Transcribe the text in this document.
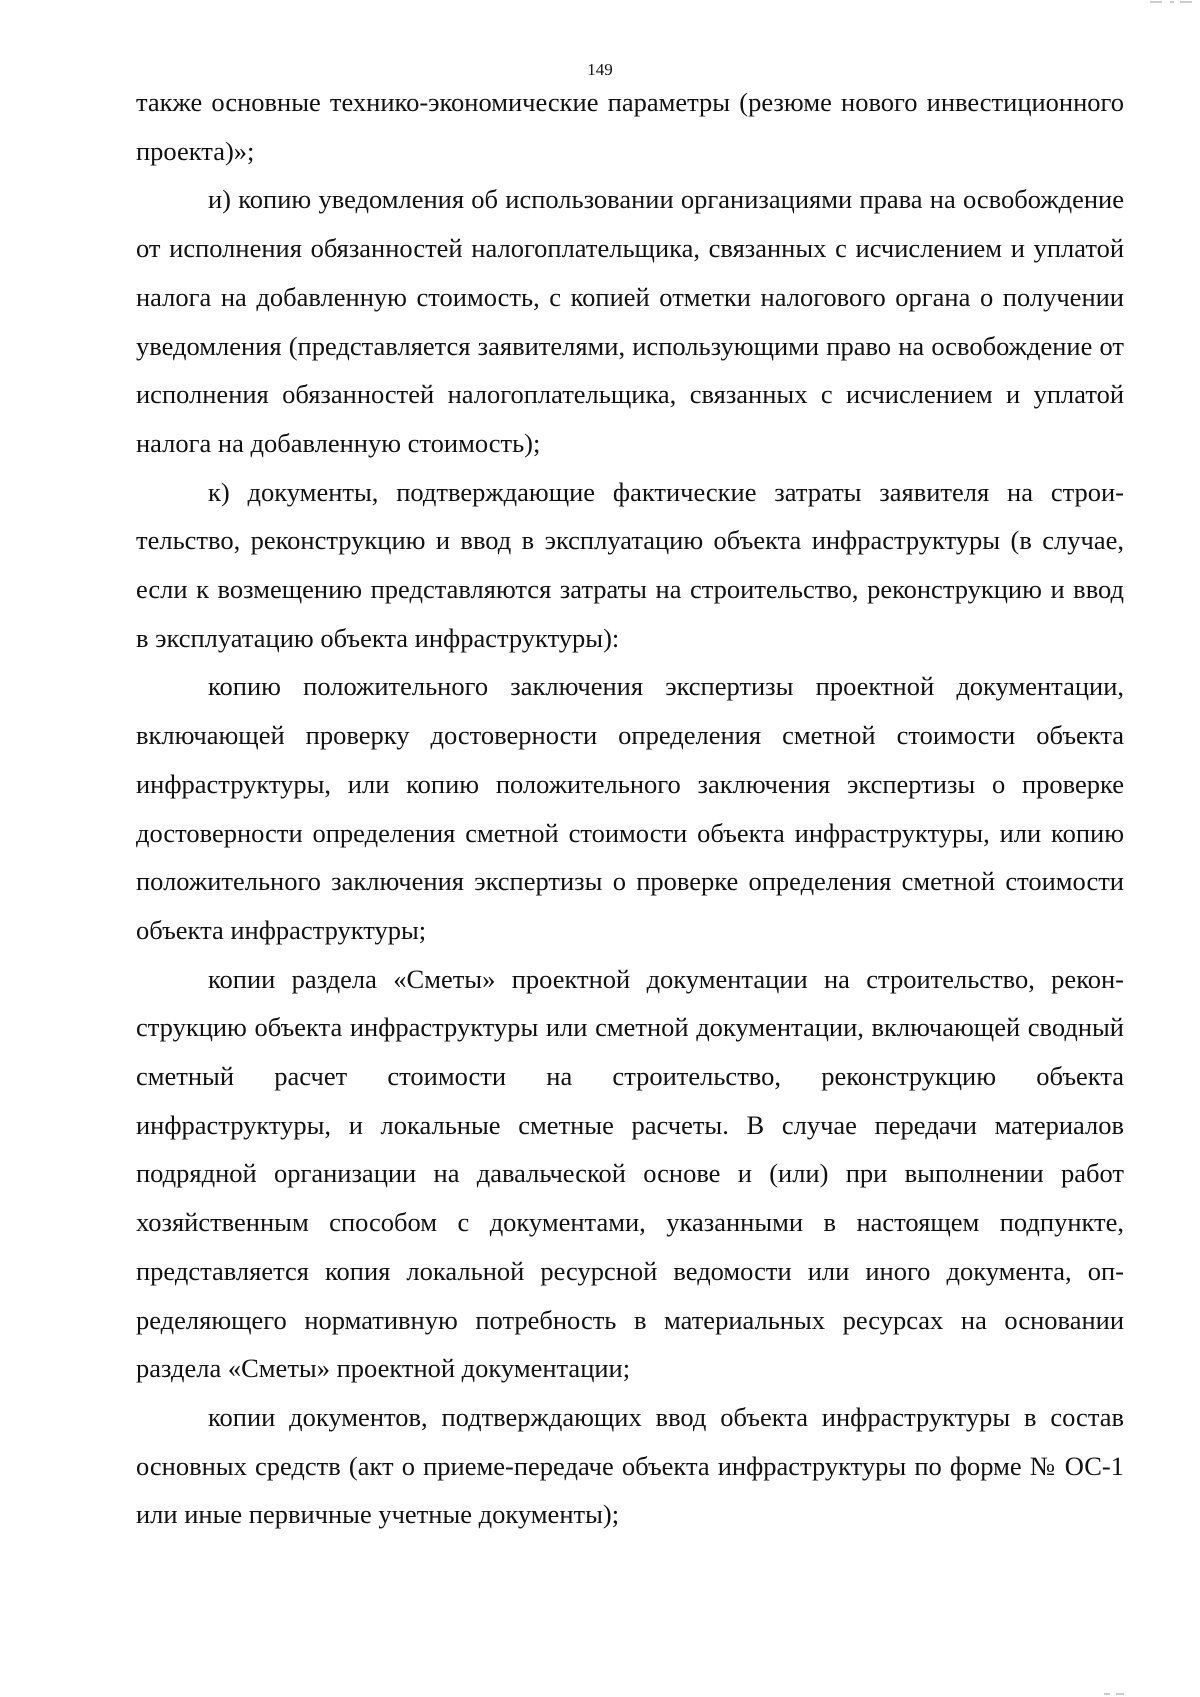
149

также основные технико-экономические параметры (резюме нового инвестиционного проекта)»;

и) копию уведомления об использовании организациями права на освобождение от исполнения обязанностей налогоплательщика, связанных с исчислением и уплатой налога на добавленную стоимость, с копией отметки налогового органа о получении уведомления (представляется заявителями, использующими право на освобождение от исполнения обязанностей налогоплательщика, связанных с исчислением и уплатой налога на добавленную стоимость);

к) документы, подтверждающие фактические затраты заявителя на строительство, реконструкцию и ввод в эксплуатацию объекта инфраструктуры (в случае, если к возмещению представляются затраты на строительство, реконструкцию и ввод в эксплуатацию объекта инфраструктуры):

копию положительного заключения экспертизы проектной документации, включающей проверку достоверности определения сметной стоимости объекта инфраструктуры, или копию положительного заключения экспертизы о проверке достоверности определения сметной стоимости объекта инфраструктуры, или копию положительного заключения экспертизы о проверке определения сметной стоимости объекта инфраструктуры;

копии раздела «Сметы» проектной документации на строительство, реконструкцию объекта инфраструктуры или сметной документации, включающей сводный сметный расчет стоимости на строительство, реконструкцию объекта инфраструктуры, и локальные сметные расчеты. В случае передачи материалов подрядной организации на давальческой основе и (или) при выполнении работ хозяйственным способом с документами, указанными в настоящем подпункте, представляется копия локальной ресурсной ведомости или иного документа, определяющего нормативную потребность в материальных ресурсах на основании раздела «Сметы» проектной документации;

копии документов, подтверждающих ввод объекта инфраструктуры в состав основных средств (акт о приеме-передаче объекта инфраструктуры по форме № ОС-1 или иные первичные учетные документы);
